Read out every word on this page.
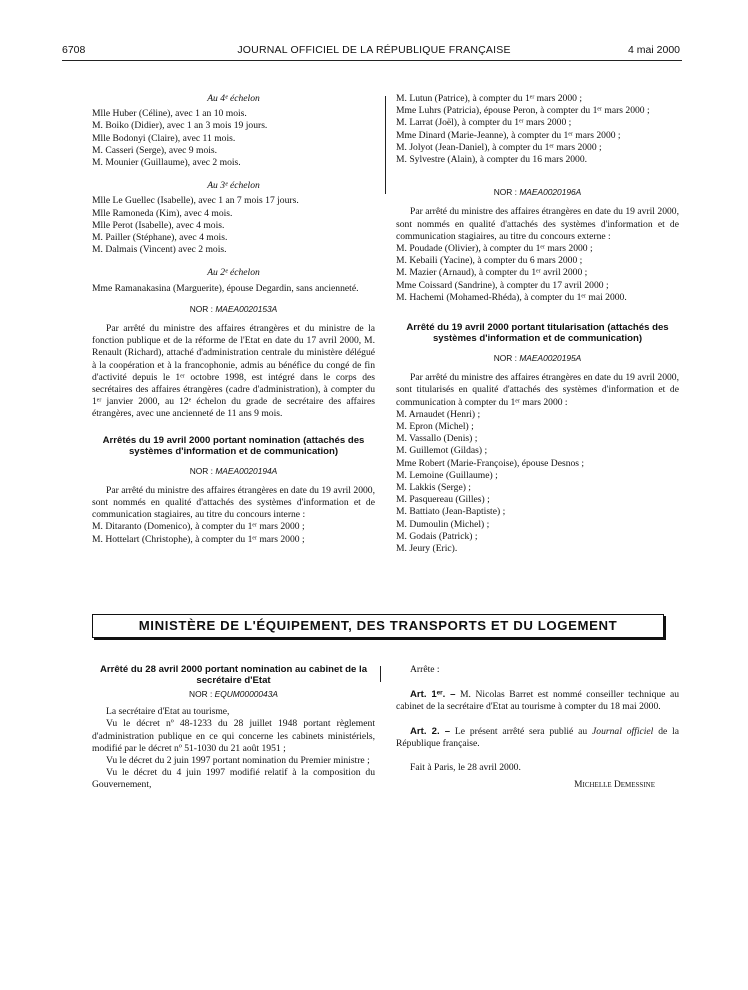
6708	JOURNAL OFFICIEL DE LA RÉPUBLIQUE FRANÇAISE	4 mai 2000

Au 4ᵉ échelon

Mlle Huber (Céline), avec 1 an 10 mois.
M. Boiko (Didier), avec 1 an 3 mois 19 jours.
Mlle Bodonyi (Claire), avec 11 mois.
M. Casseri (Serge), avec 9 mois.
M. Mounier (Guillaume), avec 2 mois.

Au 3ᵉ échelon

Mlle Le Guellec (Isabelle), avec 1 an 7 mois 17 jours.
Mlle Ramoneda (Kim), avec 4 mois.
Mlle Perot (Isabelle), avec 4 mois.
M. Pailler (Stéphane), avec 4 mois.
M. Dalmais (Vincent) avec 2 mois.

Au 2ᵉ échelon

Mme Ramanakasina (Marguerite), épouse Degardin, sans ancienneté.

NOR : MAEA0020153A

Par arrêté du ministre des affaires étrangères et du ministre de la fonction publique et de la réforme de l'Etat en date du 17 avril 2000, M. Renault (Richard), attaché d'administration centrale du ministère délégué à la coopération et à la francophonie, admis au bénéfice du congé de fin d'activité depuis le 1ᵉʳ octobre 1998, est intégré dans le corps des secrétaires des affaires étrangères (cadre d'administration), à compter du 1ᵉʳ janvier 2000, au 12ᵉ échelon du grade de secrétaire des affaires étrangères, avec une ancienneté de 11 ans 9 mois.

Arrêtés du 19 avril 2000 portant nomination (attachés des systèmes d'information et de communication)

NOR : MAEA0020194A

Par arrêté du ministre des affaires étrangères en date du 19 avril 2000, sont nommés en qualité d'attachés des systèmes d'information et de communication stagiaires, au titre du concours interne :

M. Ditaranto (Domenico), à compter du 1ᵉʳ mars 2000 ;
M. Hottelart (Christophe), à compter du 1ᵉʳ mars 2000 ;
M. Lutun (Patrice), à compter du 1ᵉʳ mars 2000 ;
Mme Luhrs (Patricia), épouse Peron, à compter du 1ᵉʳ mars 2000 ;
M. Larrat (Joël), à compter du 1ᵉʳ mars 2000 ;
Mme Dinard (Marie-Jeanne), à compter du 1ᵉʳ mars 2000 ;
M. Jolyot (Jean-Daniel), à compter du 1ᵉʳ mars 2000 ;
M. Sylvestre (Alain), à compter du 16 mars 2000.

NOR : MAEA0020196A

Par arrêté du ministre des affaires étrangères en date du 19 avril 2000, sont nommés en qualité d'attachés des systèmes d'information et de communication stagiaires, au titre du concours externe :

M. Poudade (Olivier), à compter du 1ᵉʳ mars 2000 ;
M. Kebaili (Yacine), à compter du 6 mars 2000 ;
M. Mazier (Arnaud), à compter du 1ᵉʳ avril 2000 ;
Mme Coissard (Sandrine), à compter du 17 avril 2000 ;
M. Hachemi (Mohamed-Rhéda), à compter du 1ᵉʳ mai 2000.

Arrêté du 19 avril 2000 portant titularisation (attachés des systèmes d'information et de communication)

NOR : MAEA0020195A

Par arrêté du ministre des affaires étrangères en date du 19 avril 2000, sont titularisés en qualité d'attachés des systèmes d'information et de communication à compter du 1ᵉʳ mars 2000 :

M. Arnaudet (Henri) ;
M. Epron (Michel) ;
M. Vassallo (Denis) ;
M. Guillemot (Gildas) ;
Mme Robert (Marie-Françoise), épouse Desnos ;
M. Lemoine (Guillaume) ;
M. Lakkis (Serge) ;
M. Pasquereau (Gilles) ;
M. Battiato (Jean-Baptiste) ;
M. Dumoulin (Michel) ;
M. Godais (Patrick) ;
M. Jeury (Eric).
MINISTÈRE DE L'ÉQUIPEMENT, DES TRANSPORTS ET DU LOGEMENT

Arrêté du 28 avril 2000 portant nomination au cabinet de la secrétaire d'Etat

NOR : EQUM0000043A

La secrétaire d'Etat au tourisme,

Vu le décret nº 48-1233 du 28 juillet 1948 portant règlement d'administration publique en ce qui concerne les cabinets ministériels, modifié par le décret nº 51-1030 du 21 août 1951 ;

Vu le décret du 2 juin 1997 portant nomination du Premier ministre ;

Vu le décret du 4 juin 1997 modifié relatif à la composition du Gouvernement,

Arrête :

Art. 1ᵉʳ. – M. Nicolas Barret est nommé conseiller technique au cabinet de la secrétaire d'Etat au tourisme à compter du 18 mai 2000.

Art. 2. – Le présent arrêté sera publié au Journal officiel de la République française.

Fait à Paris, le 28 avril 2000.

Michelle Demessine
